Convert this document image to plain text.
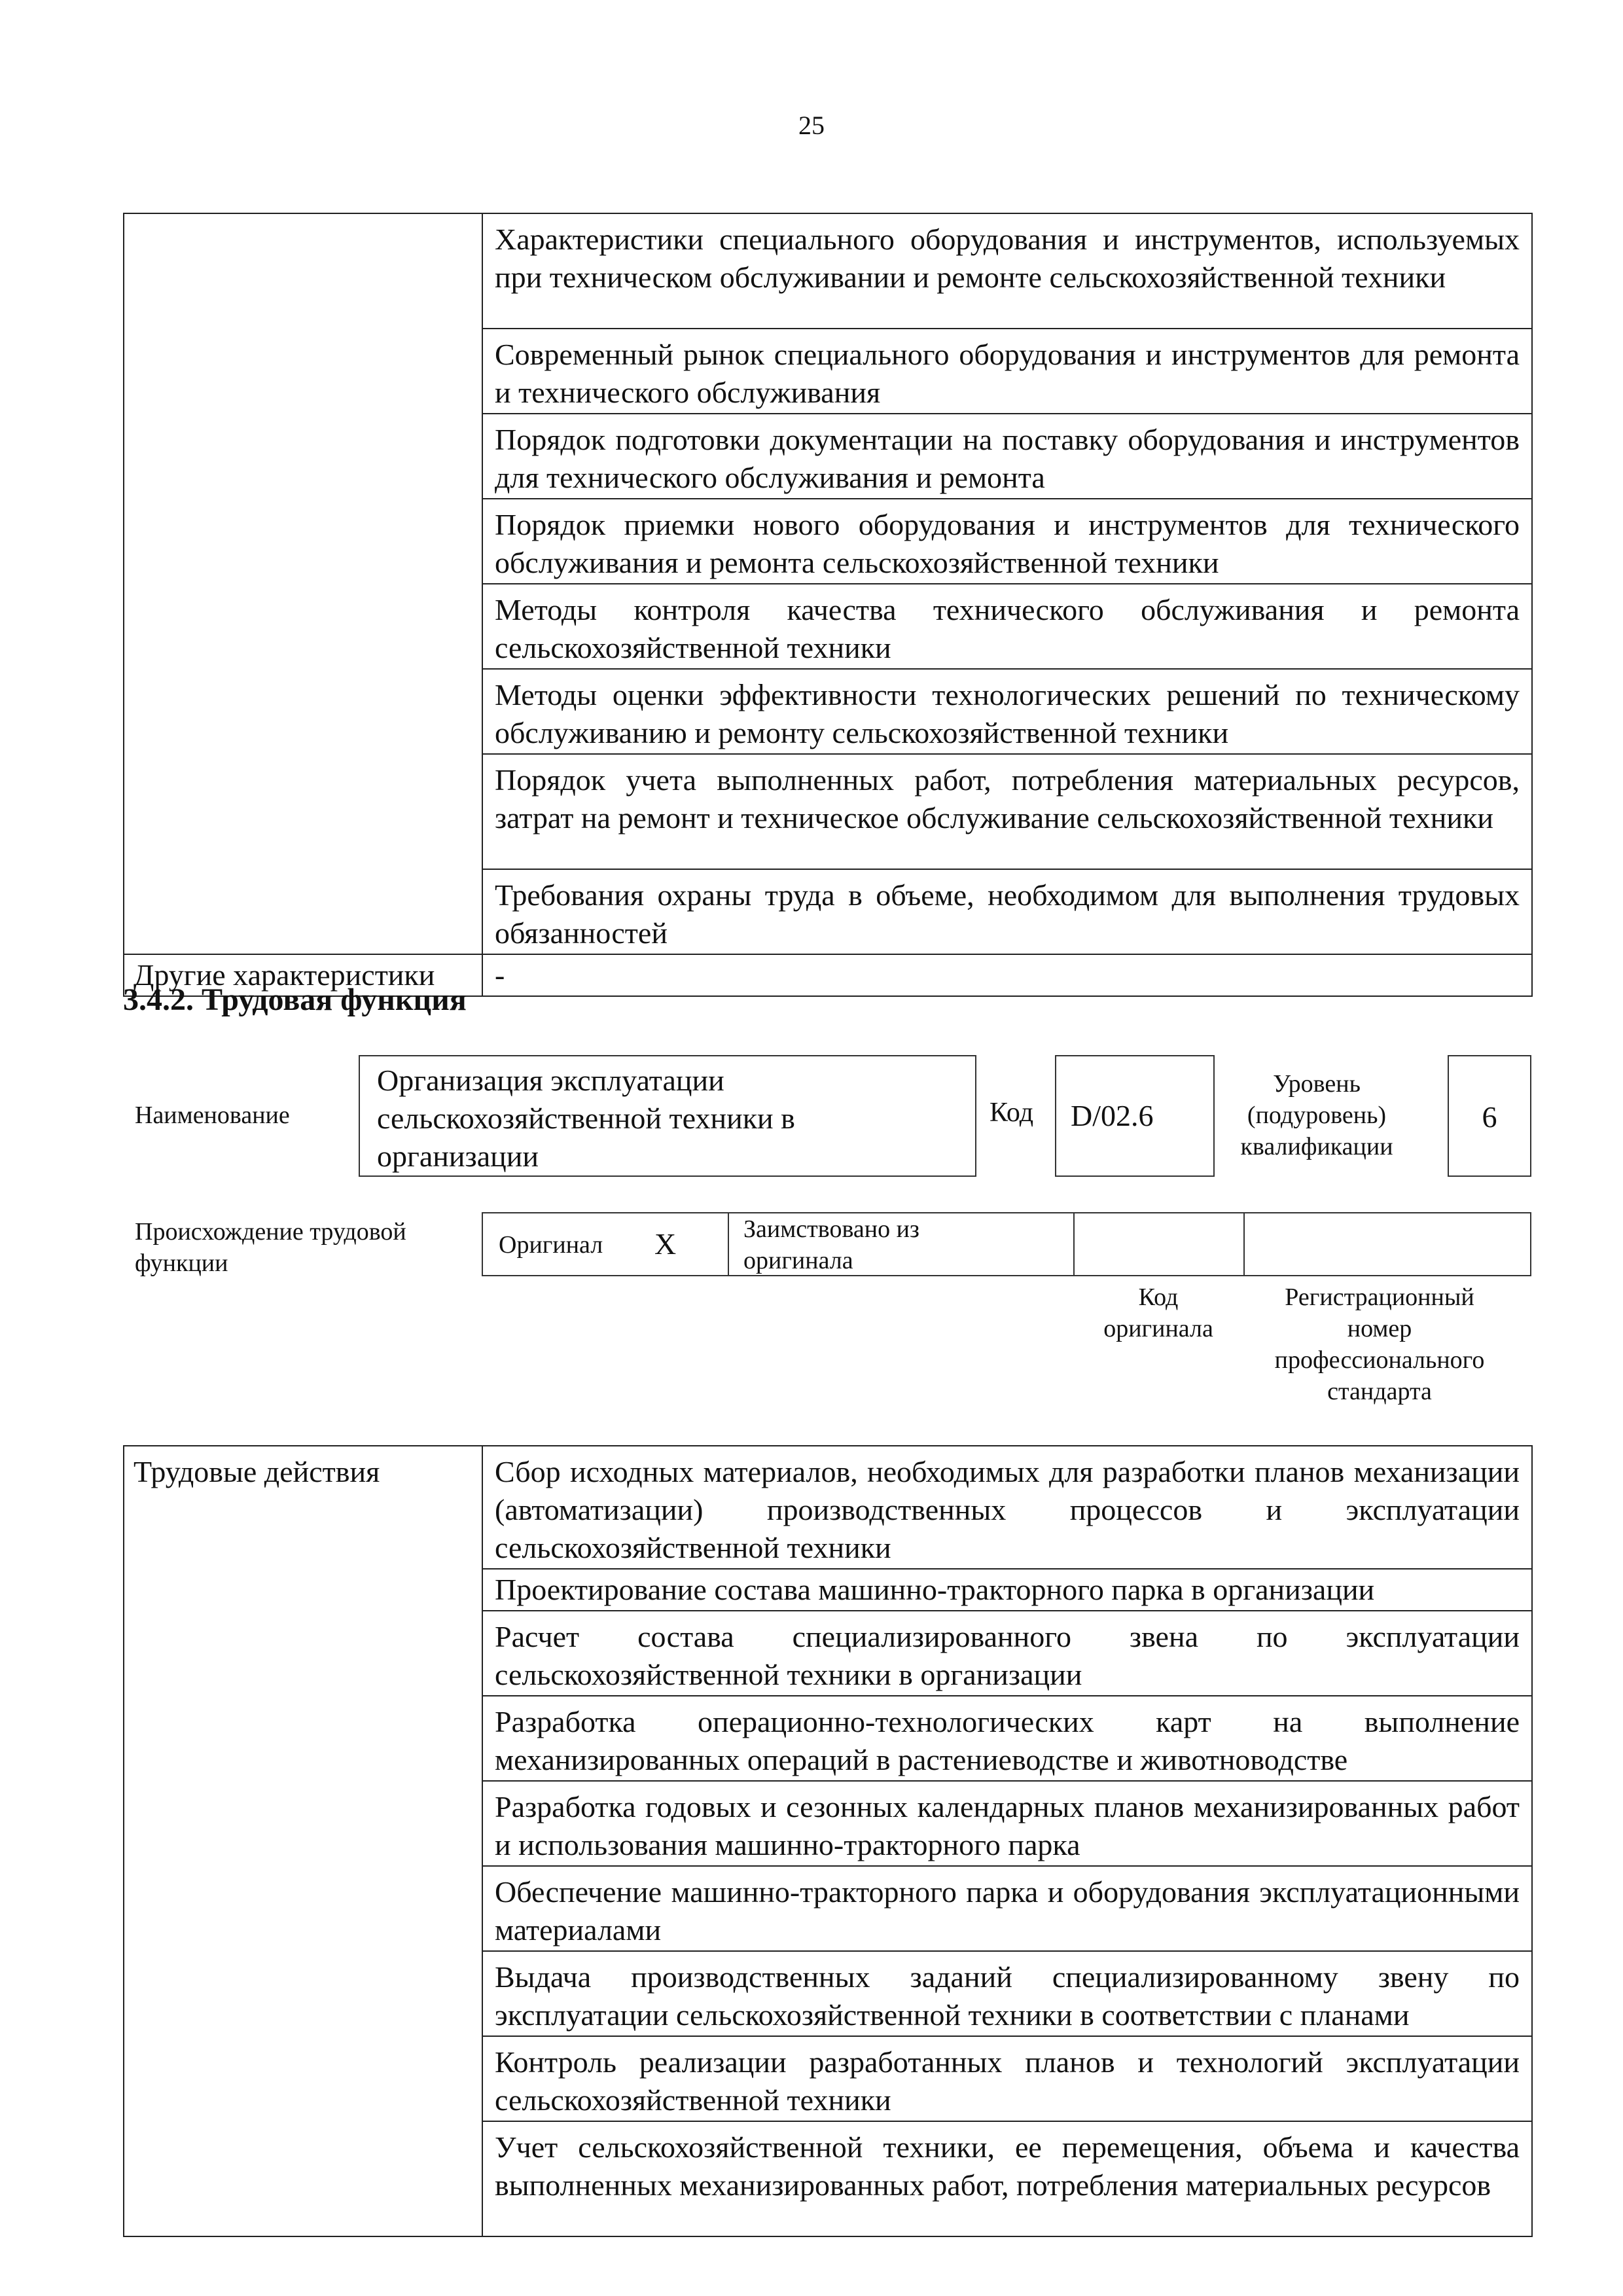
25

	Характеристики специального оборудования и инструментов, используемых при техническом обслуживании и ремонте сельскохозяйственной техники

	Современный рынок специального оборудования и инструментов для ремонта и технического обслуживания

	Порядок подготовки документации на поставку оборудования и инструментов для технического обслуживания и ремонта

	Порядок приемки нового оборудования и инструментов для технического обслуживания и ремонта сельскохозяйственной техники

	Методы контроля качества технического обслуживания и ремонта сельскохозяйственной техники

	Методы оценки эффективности технологических решений по техническому обслуживанию и ремонту сельскохозяйственной техники

	Порядок учета выполненных работ, потребления материальных ресурсов, затрат на ремонт и техническое обслуживание сельскохозяйственной техники

	Требования охраны труда в объеме, необходимом для выполнения трудовых обязанностей

Другие характеристики	-
3.4.2. Трудовая функция
Наименование
Организация эксплуатации сельскохозяйственной техники в организации
Код	D/02.6
Уровень (подуровень) квалификации
6
Происхождение трудовой функции
Оригинал X	Заимствовано из оригинала
Код оригинала
Регистрационный номер профессионального стандарта
Трудовые действия	Сбор исходных материалов, необходимых для разработки планов механизации (автоматизации) производственных процессов и эксплуатации сельскохозяйственной техники

Проектирование состава машинно-тракторного парка в организации

Расчет состава специализированного звена по эксплуатации сельскохозяйственной техники в организации

Разработка операционно-технологических карт на выполнение механизированных операций в растениеводстве и животноводстве

Разработка годовых и сезонных календарных планов механизированных работ и использования машинно-тракторного парка

Обеспечение машинно-тракторного парка и оборудования эксплуатационными материалами

Выдача производственных заданий специализированному звену по эксплуатации сельскохозяйственной техники в соответствии с планами

Контроль реализации разработанных планов и технологий эксплуатации сельскохозяйственной техники

Учет сельскохозяйственной техники, ее перемещения, объема и качества выполненных механизированных работ, потребления материальных ресурсов
